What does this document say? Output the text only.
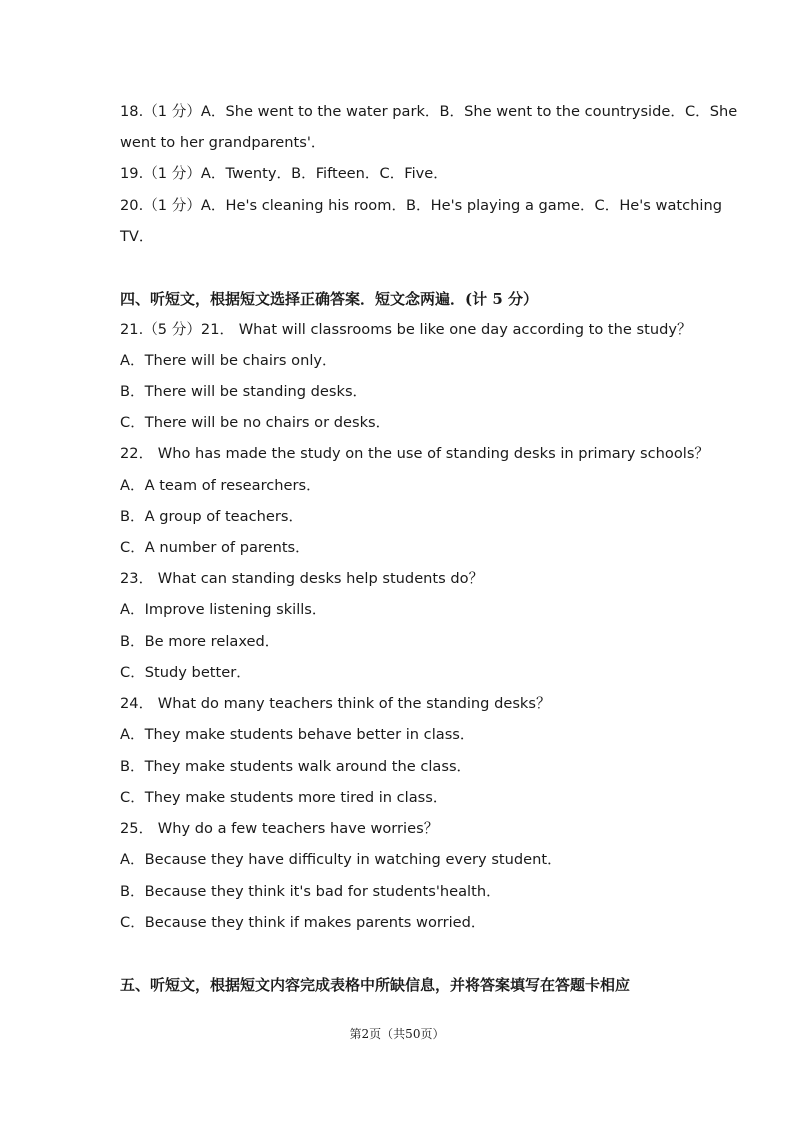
18.（1 分）A．She went to the water park．B．She went to the countryside．C．She
went to her grandparents'．
19.（1 分）A．Twenty．B．Fifteen．C．Five．
20.（1 分）A．He's cleaning his room．B．He's playing a game．C．He's watching
TV．
四、听短文，根据短文选择正确答案．短文念两遍．(计 5 分）
21.（5 分）21． What will classrooms be like one day according to the study？
A．There will be chairs only．
B．There will be standing desks．
C．There will be no chairs or desks．
22． Who has made the study on the use of standing desks in primary schools？
A．A team of researchers．
B．A group of teachers．
C．A number of parents．
23． What can standing desks help students do？
A．Improve listening skills．
B．Be more relaxed．
C．Study better．
24． What do many teachers think of the standing desks？
A．They make students behave better in class．
B．They make students walk around the class．
C．They make students more tired in class．
25． Why do a few teachers have worries？
A．Because they have difficulty in watching every student．
B．Because they think it's bad for students'health．
C．Because they think if makes parents worried．
五、听短文，根据短文内容完成表格中所缺信息，并将答案填写在答题卡相应
第2页（共50页）
